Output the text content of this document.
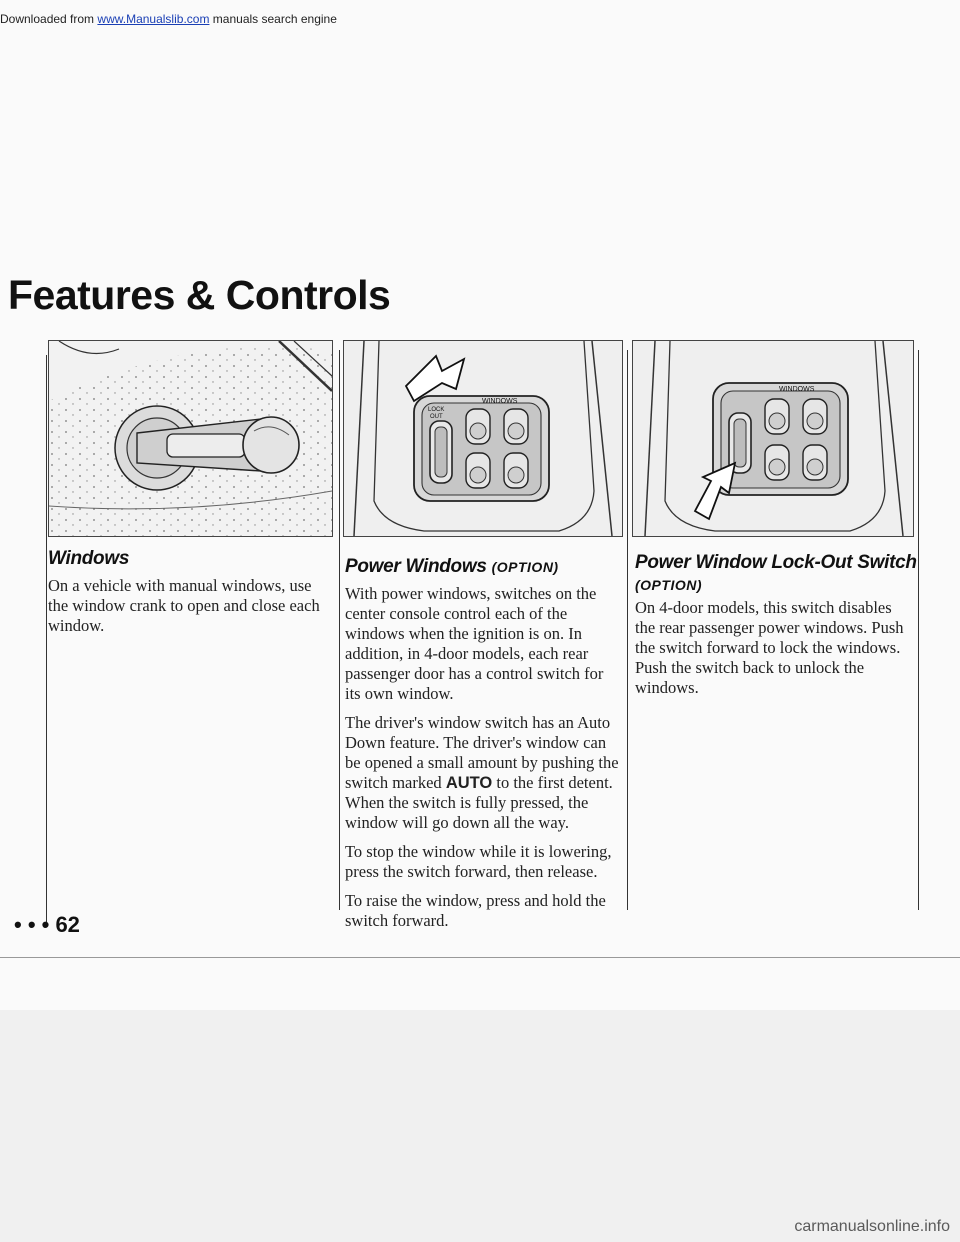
Downloaded from www.Manualslib.com manuals search engine
Features & Controls
WINDOWS
LOCK
OUT
WINDOWS
Windows

On a vehicle with manual windows, use the window crank to open and close each window.

Power Windows (OPTION)

With power windows, switches on the center console control each of the windows when the ignition is on. In addition, in 4-door models, each rear passenger door has a control switch for its own window.

The driver's window switch has an Auto Down feature. The driver's window can be opened a small amount by pushing the switch marked AUTO to the first detent. When the switch is fully pressed, the window will go down all the way.

To stop the window while it is lowering, press the switch forward, then release.

To raise the window, press and hold the switch forward.

Power Window Lock-Out Switch
(OPTION)

On 4-door models, this switch disables the rear passenger power windows. Push the switch forward to lock the windows. Push the switch back to unlock the windows.

• • • 62
carmanualsonline.info
